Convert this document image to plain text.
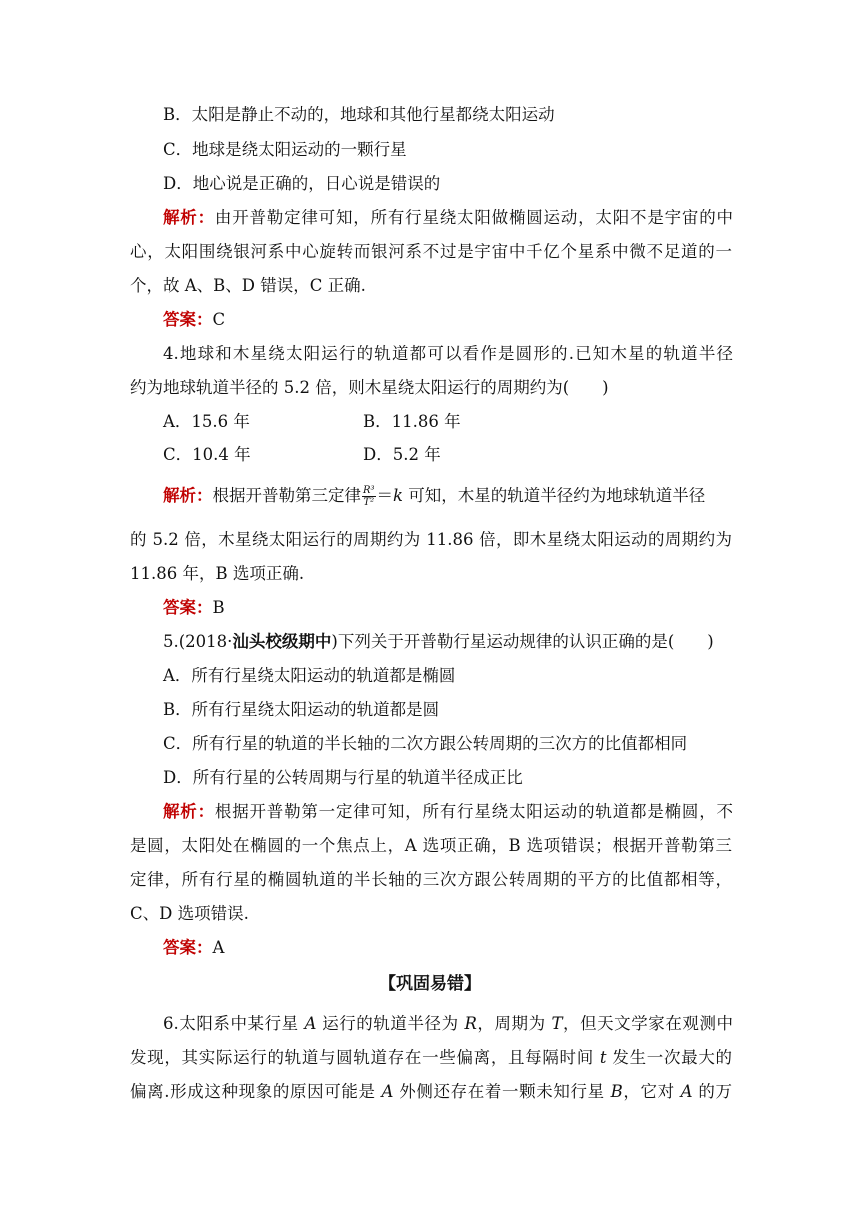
B．太阳是静止不动的，地球和其他行星都绕太阳运动
C．地球是绕太阳运动的一颗行星
D．地心说是正确的，日心说是错误的
解析：由开普勒定律可知，所有行星绕太阳做椭圆运动，太阳不是宇宙的中
心，太阳围绕银河系中心旋转而银河系不过是宇宙中千亿个星系中微不足道的一
个，故 A、B、D 错误，C 正确.
答案：C
4.地球和木星绕太阳运行的轨道都可以看作是圆形的.已知木星的轨道半径
约为地球轨道半径的 5.2 倍，则木星绕太阳运行的周期约为(　　)
A．15.6 年	B．11.86 年
C．10.4 年	D．5.2 年
解析：根据开普勒第三定律 $\frac{\text{R³}}{\text{T²}} =k$ 可知，木星的轨道半径约为地球轨道半径
的 5.2 倍，木星绕太阳运行的周期约为 11.86 倍，即木星绕太阳运动的周期约为
11.86 年，B 选项正确.
答案：B
5.(2018·汕头校级期中)下列关于开普勒行星运动规律的认识正确的是(　　)
A．所有行星绕太阳运动的轨道都是椭圆
B．所有行星绕太阳运动的轨道都是圆
C．所有行星的轨道的半长轴的二次方跟公转周期的三次方的比值都相同
D．所有行星的公转周期与行星的轨道半径成正比
解析：根据开普勒第一定律可知，所有行星绕太阳运动的轨道都是椭圆，不
是圆，太阳处在椭圆的一个焦点上，A 选项正确，B 选项错误；根据开普勒第三
定律，所有行星的椭圆轨道的半长轴的三次方跟公转周期的平方的比值都相等，
C、D 选项错误.
答案：A
【巩固易错】
6.太阳系中某行星 A 运行的轨道半径为 R，周期为 T，但天文学家在观测中
发现，其实际运行的轨道与圆轨道存在一些偏离，且每隔时间 t 发生一次最大的
偏离.形成这种现象的原因可能是 A 外侧还存在着一颗未知行星 B，它对 A 的万
